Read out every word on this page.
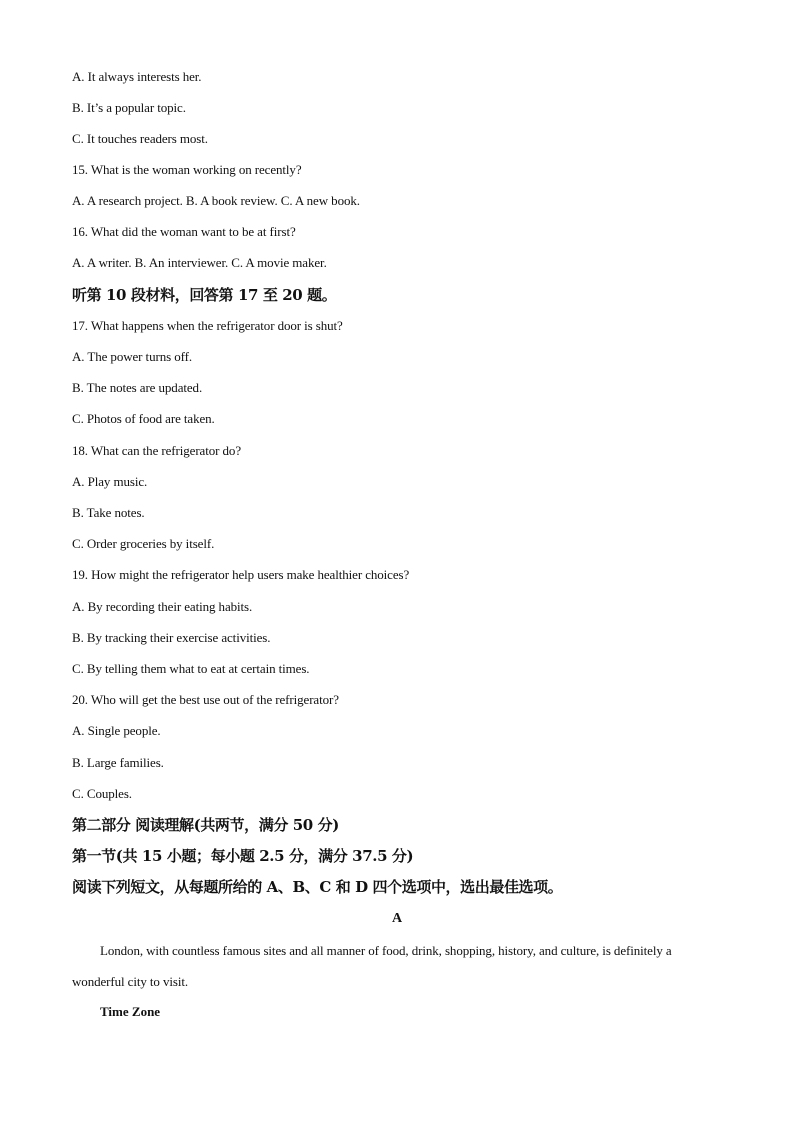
A. It always interests her.
B. It’s a popular topic.
C. It touches readers most.
15. What is the woman working on recently?
A. A research project. B. A book review. C. A new book.
16. What did the woman want to be at first?
A. A writer. B. An interviewer. C. A movie maker.
听第 10 段材料，回答第 17 至 20 题。
17. What happens when the refrigerator door is shut?
A. The power turns off.
B. The notes are updated.
C. Photos of food are taken.
18. What can the refrigerator do?
A. Play music.
B. Take notes.
C. Order groceries by itself.
19. How might the refrigerator help users make healthier choices?
A. By recording their eating habits.
B. By tracking their exercise activities.
C. By telling them what to eat at certain times.
20. Who will get the best use out of the refrigerator?
A. Single people.
B. Large families.
C. Couples.
第二部分 阅读理解(共两节，满分 50 分)
第一节(共 15 小题；每小题 2.5 分，满分 37.5 分)
阅读下列短文，从每题所给的 A、B、C 和 D 四个选项中，选出最佳选项。
A
London, with countless famous sites and all manner of food, drink, shopping, history, and culture, is definitely a wonderful city to visit.
Time Zone
